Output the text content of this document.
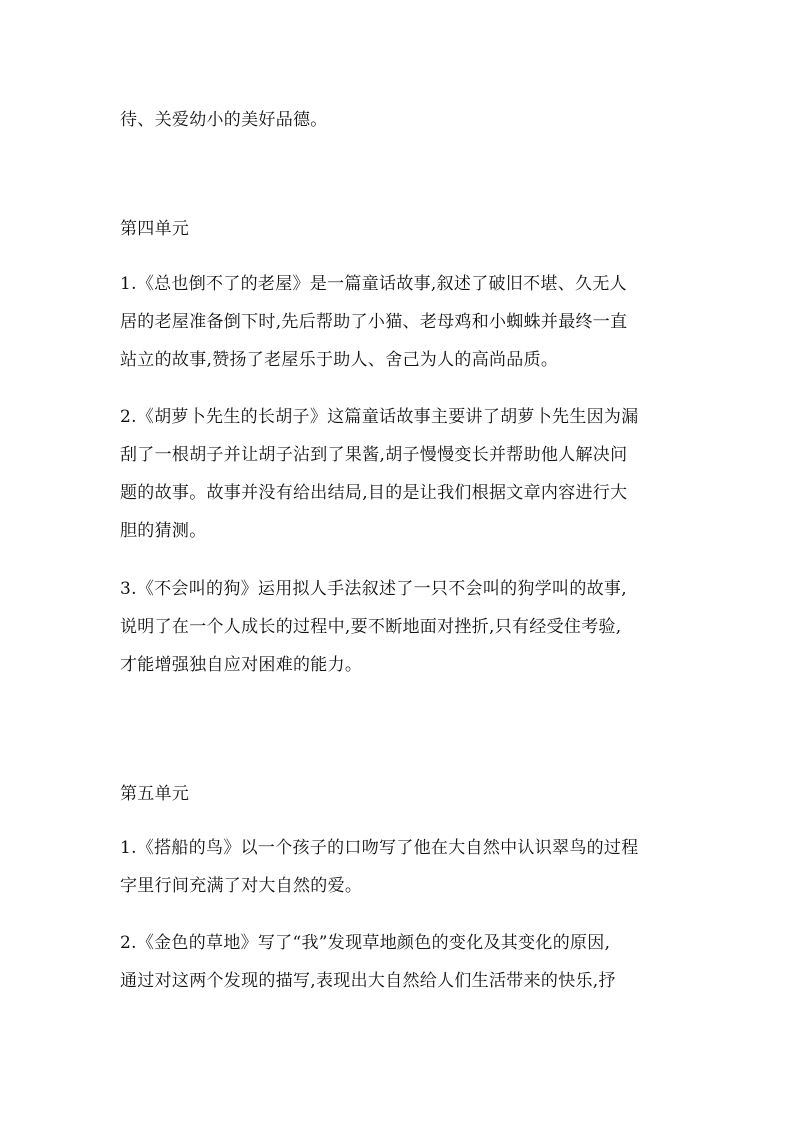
待、关爱幼小的美好品德。
第四单元
1.《总也倒不了的老屋》是一篇童话故事,叙述了破旧不堪、久无人
居的老屋准备倒下时,先后帮助了小猫、老母鸡和小蜘蛛并最终一直
站立的故事,赞扬了老屋乐于助人、舍己为人的高尚品质。
2.《胡萝卜先生的长胡子》这篇童话故事主要讲了胡萝卜先生因为漏
刮了一根胡子并让胡子沾到了果酱,胡子慢慢变长并帮助他人解决问
题的故事。故事并没有给出结局,目的是让我们根据文章内容进行大
胆的猜测。
3.《不会叫的狗》运用拟人手法叙述了一只不会叫的狗学叫的故事,
说明了在一个人成长的过程中,要不断地面对挫折,只有经受住考验,
才能增强独自应对困难的能力。
第五单元
1.《搭船的鸟》以一个孩子的口吻写了他在大自然中认识翠鸟的过程
字里行间充满了对大自然的爱。
2.《金色的草地》写了“我”发现草地颜色的变化及其变化的原因,
通过对这两个发现的描写,表现出大自然给人们生活带来的快乐,抒
